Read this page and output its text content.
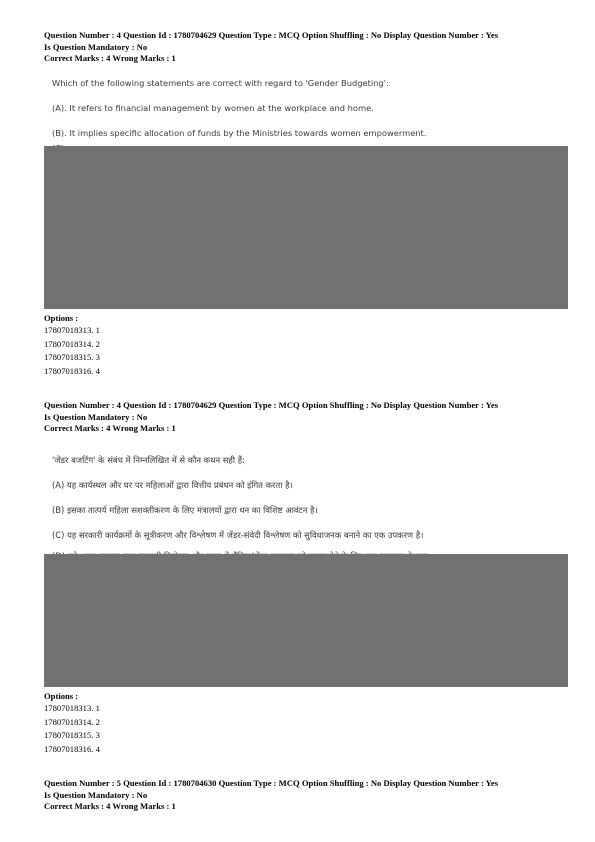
Question Number : 4 Question Id : 1780704629 Question Type : MCQ Option Shuffling : No Display Question Number : Yes
Is Question Mandatory : No
Correct Marks : 4 Wrong Marks : 1
Which of the following statements are correct with regard to 'Gender Budgeting':
(A). It refers to financial management by women at the workplace and home.
(B). It implies specific allocation of funds by the Ministries towards women empowerment.
Options :
17807018313. 1
17807018314. 2
17807018315. 3
17807018316. 4
Question Number : 4 Question Id : 1780704629 Question Type : MCQ Option Shuffling : No Display Question Number : Yes
Is Question Mandatory : No
Correct Marks : 4 Wrong Marks : 1
'जेंडर बजटिंग' के संबंध में निम्नलिखित में से कौन कथन सही हैं:
(A) यह कार्यस्थल और घर पर महिलाओं द्वारा वित्तीय प्रबंधन को इंगित करता है।
(B) इसका तात्पर्य महिला सशक्तीकरण के लिए मंत्रालयों द्वारा धन का विशिष्ट आवंटन है।
(C) यह सरकारी कार्यक्रमों के सूत्रीकरण और विश्लेषण में जेंडर-संवेदी विश्लेषण को सुविधाजनक बनाने का एक उपकरण है।
Options :
17807018313. 1
17807018314. 2
17807018315. 3
17807018316. 4
Question Number : 5 Question Id : 1780704630 Question Type : MCQ Option Shuffling : No Display Question Number : Yes
Is Question Mandatory : No
Correct Marks : 4 Wrong Marks : 1
